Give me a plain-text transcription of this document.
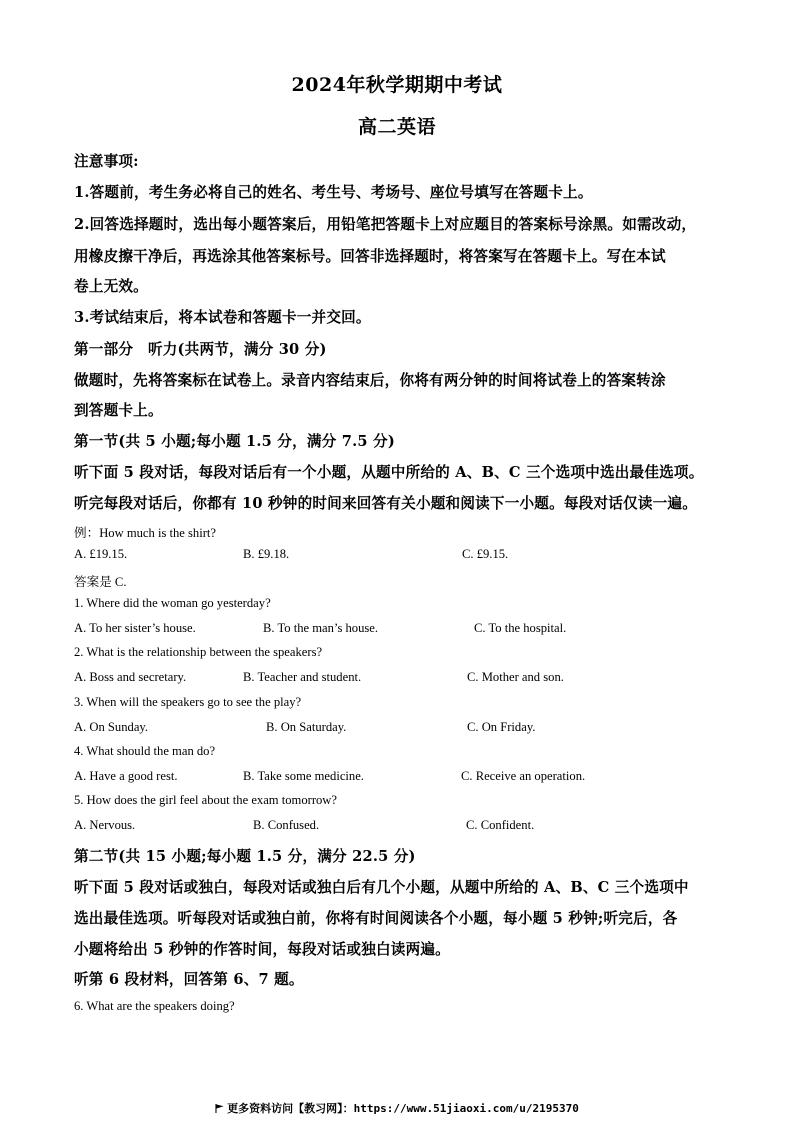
2024年秋学期期中考试
高二英语
注意事项:
1.答题前，考生务必将自己的姓名、考生号、考场号、座位号填写在答题卡上。
2.回答选择题时，选出每小题答案后，用铅笔把答题卡上对应题目的答案标号涂黑。如需改动，
用橡皮擦干净后，再选涂其他答案标号。回答非选择题时，将答案写在答题卡上。写在本试
卷上无效。
3.考试结束后，将本试卷和答题卡一并交回。
第一部分　听力(共两节，满分 30 分)
做题时，先将答案标在试卷上。录音内容结束后，你将有两分钟的时间将试卷上的答案转涂
到答题卡上。
第一节(共 5 小题;每小题 1.5 分，满分 7.5 分)
听下面 5 段对话，每段对话后有一个小题，从题中所给的 A、B、C 三个选项中选出最佳选项。
听完每段对话后，你都有 10 秒钟的时间来回答有关小题和阅读下一小题。每段对话仅读一遍。
例：How much is the shirt?
A. £19.15.	B. £9.18.	C. £9.15.
答案是 C.
1. Where did the woman go yesterday?
A. To her sister’s house.	B. To the man’s house.	C. To the hospital.
2. What is the relationship between the speakers?
A. Boss and secretary.	B. Teacher and student.	C. Mother and son.
3. When will the speakers go to see the play?
A. On Sunday.	B. On Saturday.	C. On Friday.
4. What should the man do?
A. Have a good rest.	B. Take some medicine.	C. Receive an operation.
5. How does the girl feel about the exam tomorrow?
A. Nervous.	B. Confused.	C. Confident.
第二节(共 15 小题;每小题 1.5 分，满分 22.5 分)
听下面 5 段对话或独白，每段对话或独白后有几个小题，从题中所给的 A、B、C 三个选项中
选出最佳选项。听每段对话或独白前，你将有时间阅读各个小题，每小题 5 秒钟;听完后，各
小题将给出 5 秒钟的作答时间，每段对话或独白读两遍。
听第 6 段材料，回答第 6、7 题。
6. What are the speakers doing?
更多资料访问【教习网】：https://www.51jiaoxi.com/u/2195370
